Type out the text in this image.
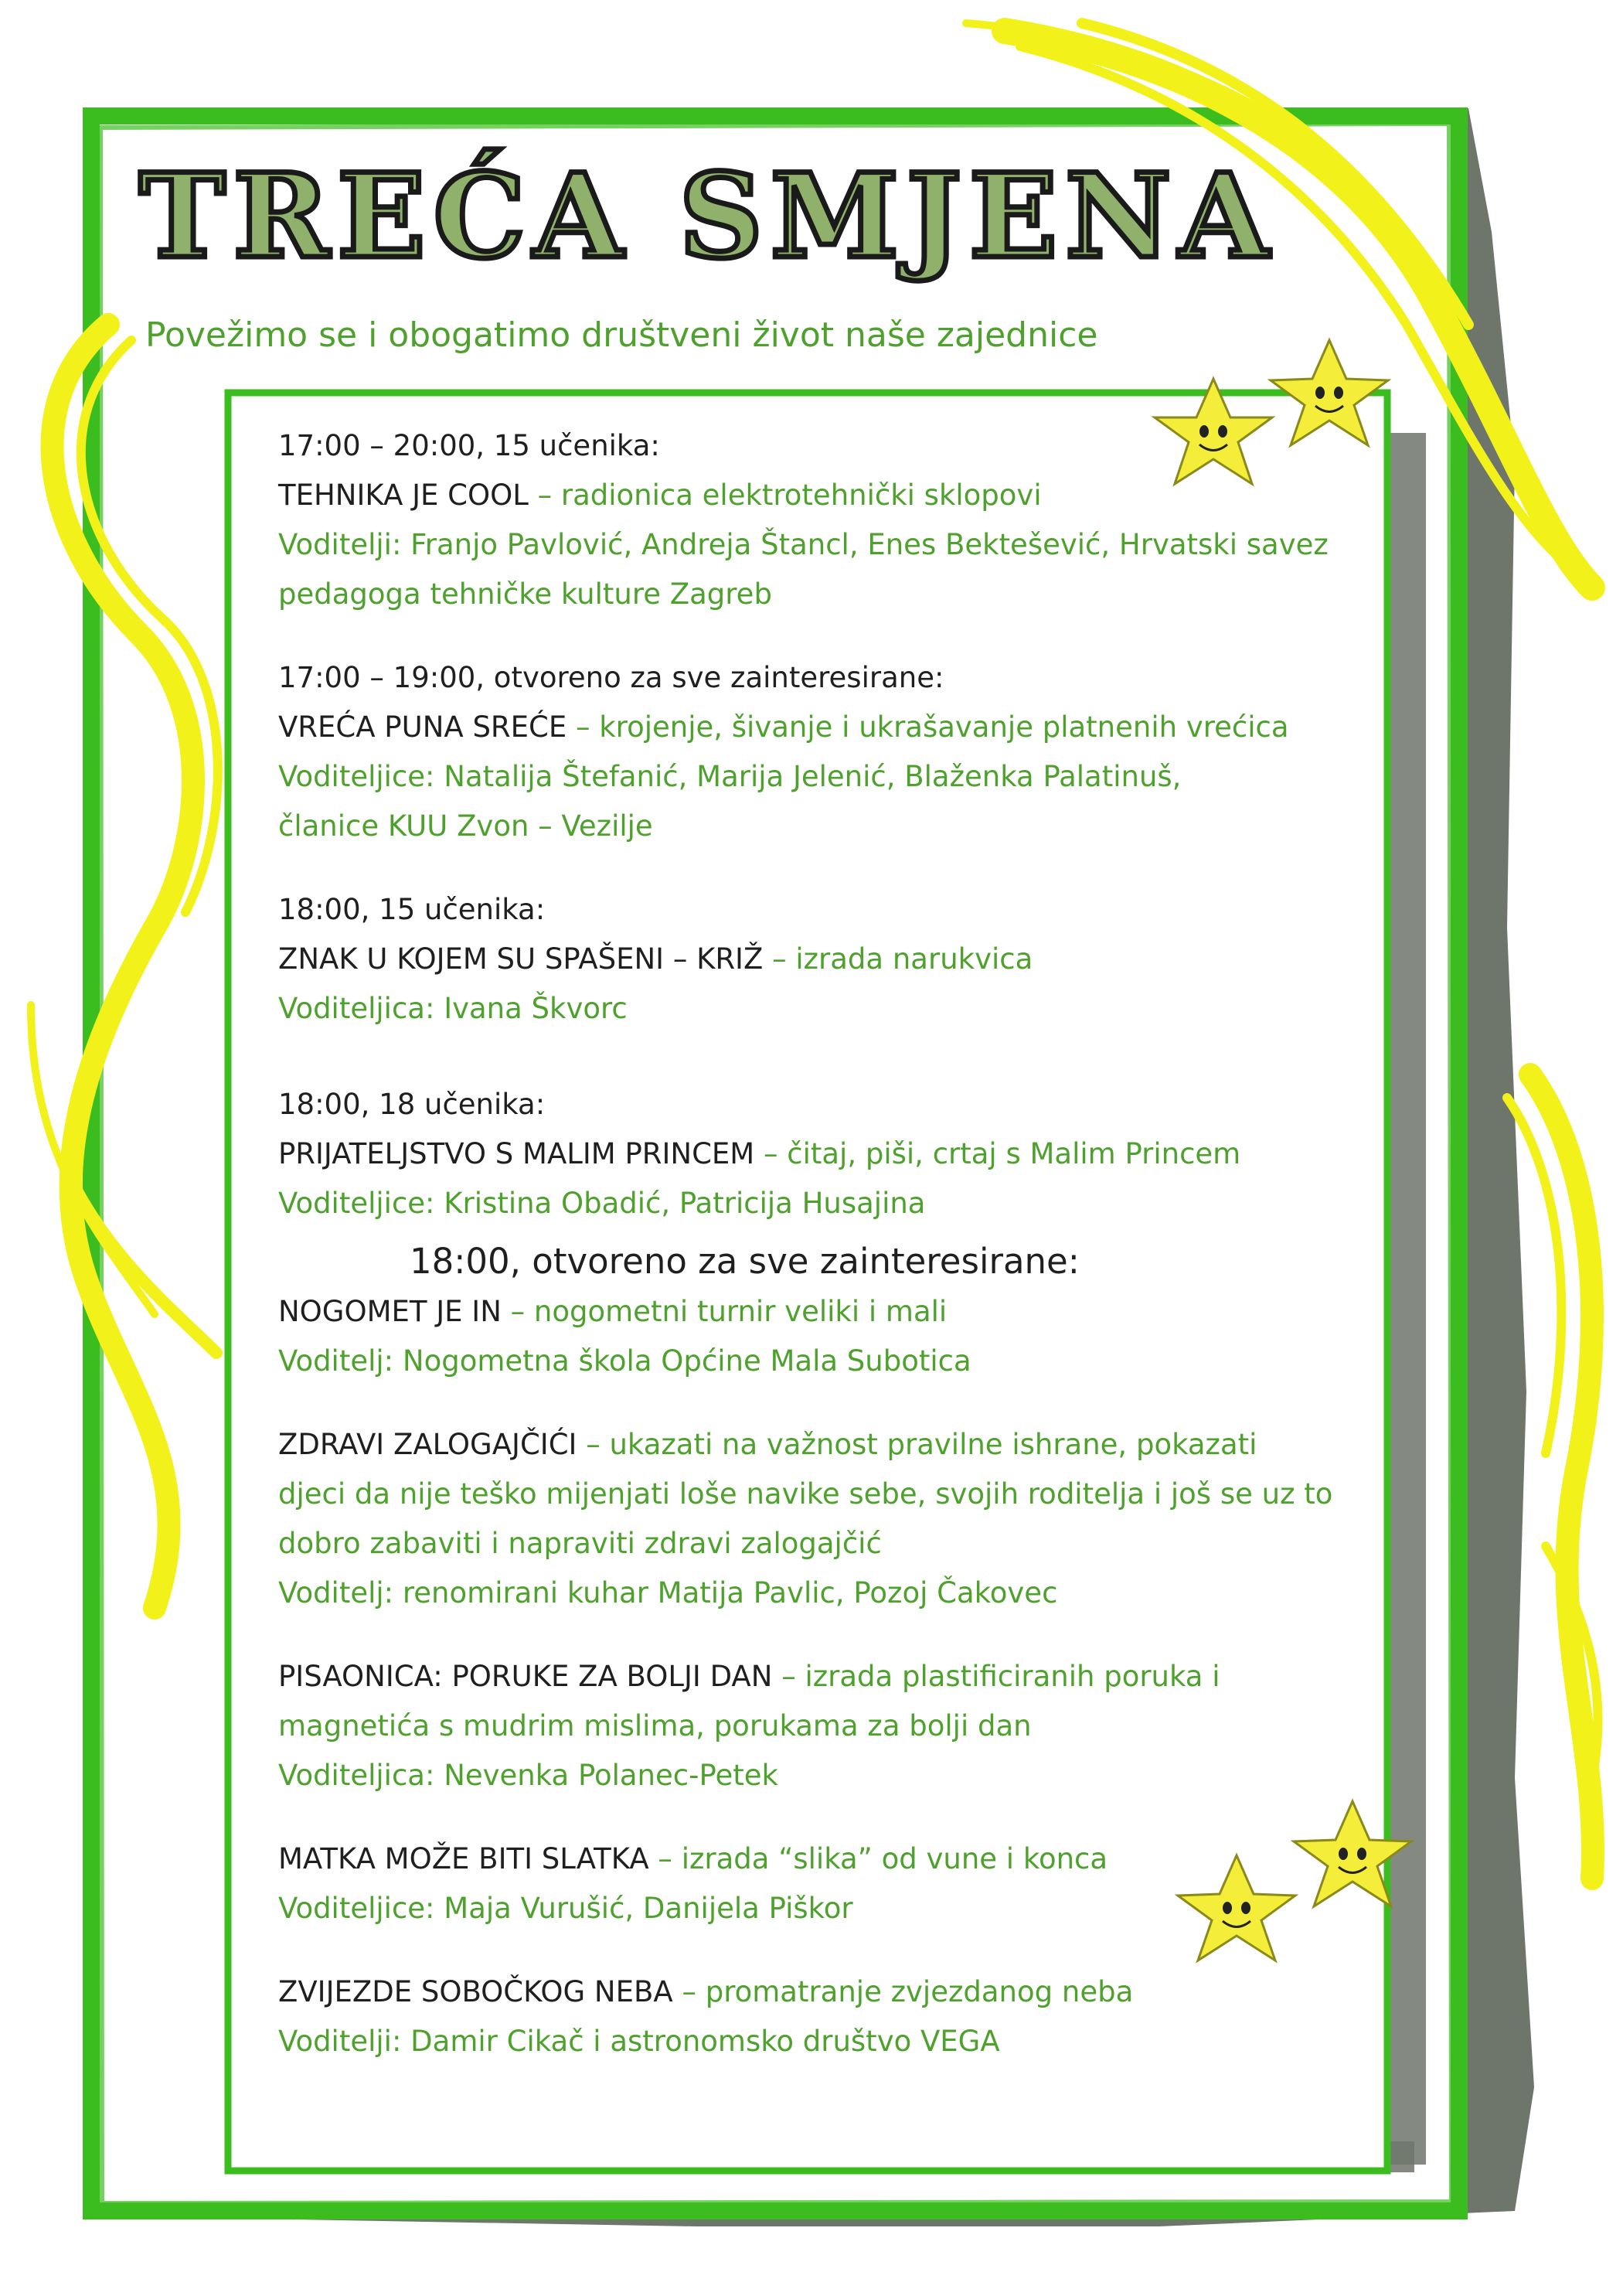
TREĆA SMJENA
Povežimo se i obogatimo društveni život naše zajednice
17:00 – 20:00, 15 učenika:
TEHNIKA JE COOL – radionica elektrotehnički sklopovi
Voditelji: Franjo Pavlović, Andreja Štancl, Enes Bektešević, Hrvatski savez
pedagoga tehničke kulture Zagreb
17:00 – 19:00, otvoreno za sve zainteresirane:
VREĆA PUNA SREĆE – krojenje, šivanje i ukrašavanje platnenih vrećica
Voditeljice: Natalija Štefanić, Marija Jelenić, Blaženka Palatinuš,
članice KUU Zvon – Vezilje
18:00, 15 učenika:
ZNAK U KOJEM SU SPAŠENI – KRIŽ – izrada narukvica
Voditeljica: Ivana Škvorc
18:00, 18 učenika:
PRIJATELJSTVO S MALIM PRINCEM – čitaj, piši, crtaj s Malim Princem
Voditeljice: Kristina Obadić, Patricija Husajina
18:00, otvoreno za sve zainteresirane:
NOGOMET JE IN – nogometni turnir veliki i mali
Voditelj: Nogometna škola Općine Mala Subotica
ZDRAVI ZALOGAJČIĆI – ukazati na važnost pravilne ishrane, pokazati
djeci da nije teško mijenjati loše navike sebe, svojih roditelja i još se uz to
dobro zabaviti i napraviti zdravi zalogajčić
Voditelj: renomirani kuhar Matija Pavlic, Pozoj Čakovec
PISAONICA: PORUKE ZA BOLJI DAN – izrada plastificiranih poruka i
magnetića s mudrim mislima, porukama za bolji dan
Voditeljica: Nevenka Polanec-Petek
MATKA MOŽE BITI SLATKA – izrada “slika” od vune i konca
Voditeljice: Maja Vurušić, Danijela Piškor
ZVIJEZDE SOBOČKOG NEBA – promatranje zvjezdanog neba
Voditelji: Damir Cikač i astronomsko društvo VEGA
